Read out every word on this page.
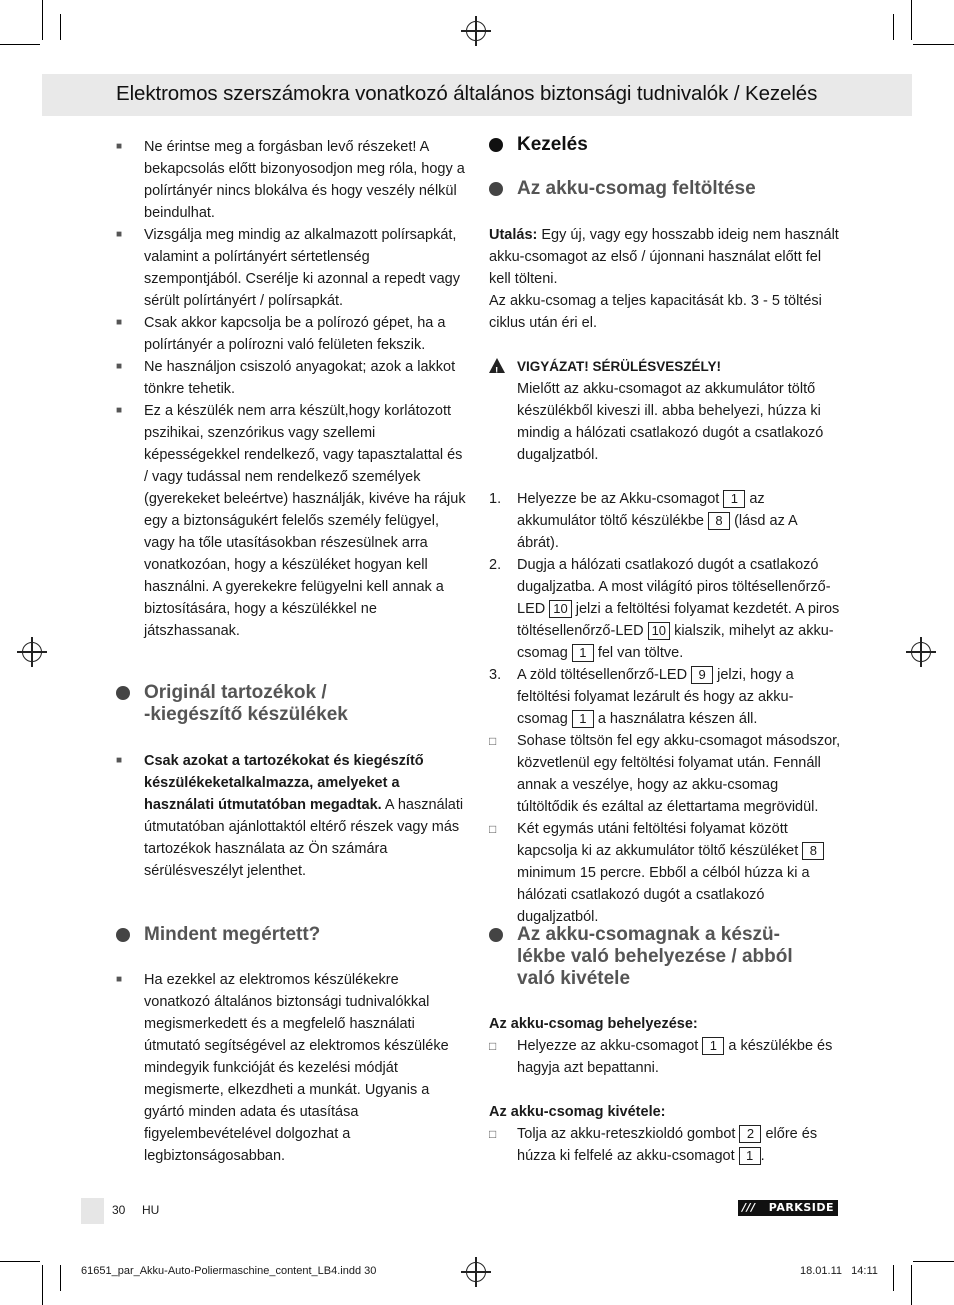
Elektromos szerszámokra vonatkozó általános biztonsági tudnivalók / Kezelés

■ Ne érintse meg a forgásban levő részeket! A bekapcsolás előtt bizonyosodjon meg róla, hogy a polírtányér nincs blokálva és hogy veszély nélkül beindulhat.

■ Vizsgálja meg mindig az alkalmazott polírsapkát, valamint a polírtányért sértetlenség szempontjából. Cserélje ki azonnal a repedt vagy sérült polírtányért / polírsapkát.

■ Csak akkor kapcsolja be a polírozó gépet, ha a polírtányér a polírozni való felületen fekszik.

■ Ne használjon csiszoló anyagokat; azok a lakkot tönkre tehetik.

■ Ez a készülék nem arra készült,hogy korlátozott pszihikai, szenzórikus vagy szellemi képességekkel rendelkező, vagy tapasztalattal és / vagy tudással nem rendelkező személyek (gyerekeket beleértve) használják, kivéve ha rájuk egy a biztonságukért felelős személy felügyel, vagy ha tőle utasításokban részesülnek arra vonatkozóan, hogy a készüléket hogyan kell használni. A gyerekekre felügyelni kell annak a biztosítására, hogy a készülékkel ne játszhassanak.

Originál tartozékok /
-kiegészítő készülékek

■ Csak azokat a tartozékokat és kiegészítő készülékeketalkalmazza, amelyeket a használati útmutatóban megadtak. A használati útmutatóban ajánlottaktól eltérő részek vagy más tartozékok használata az Ön számára sérülésveszélyt jelenthet.

Mindent megértett?

■ Ha ezekkel az elektromos készülékekre vonatkozó általános biztonsági tudnivalókkal megismerkedett és a megfelelő használati útmutató segítségével az elektromos készüléke mindegyik funkcióját és kezelési módját megismerte, elkezdheti a munkát. Ugyanis a gyártó minden adata és utasítása figyelembevételével dolgozhat a legbiztonságosabban.

Kezelés
Az akku-csomag feltöltése
Utalás: Egy új, vagy egy hosszabb ideig nem használt akku-csomagot az első / újonnani használat előtt fel kell tölteni.
Az akku-csomag a teljes kapacitását kb. 3 - 5 töltési ciklus után éri el.
!
VIGYÁZAT! SÉRÜLÉSVESZÉLY!
Mielőtt az akku-csomagot az akkumulátor töltő készülékből kiveszi ill. abba behelyezi, húzza ki mindig a hálózati csatlakozó dugót a csatlakozó dugaljzatból.

1. Helyezze be az Akku-csomagot 1 az akkumulátor töltő készülékbe 8 (lásd az A ábrát).

2. Dugja a hálózati csatlakozó dugót a csatlakozó dugaljzatba. A most világító piros töltésellenőrző-LED 10 jelzi a feltöltési folyamat kezdetét. A piros töltésellenőrző-LED 10 kialszik, mihelyt az akku-csomag 1 fel van töltve.

3. A zöld töltésellenőrző-LED 9 jelzi, hogy a feltöltési folyamat lezárult és hogy az akku-csomag 1 a használatra készen áll.

□ Sohase töltsön fel egy akku-csomagot másodszor, közvetlenül egy feltöltési folyamat után. Fennáll annak a veszélye, hogy az akku-csomag túltöltődik és ezáltal az élettartama megrövidül.

□ Két egymás utáni feltöltési folyamat között kapcsolja ki az akkumulátor töltő készüléket 8 minimum 15 percre. Ebből a célból húzza ki a hálózati csatlakozó dugót a csatlakozó dugaljzatból.

Az akku-csomagnak a készü-
lékbe való behelyezése / abból
való kivétele
Az akku-csomag behelyezése:

□ Helyezze az akku-csomagot 1 a készülékbe és hagyja azt bepattanni.

Az akku-csomag kivétele:

□ Tolja az akku-reteszkioldó gombot 2 előre és húzza ki felfelé az akku-csomagot 1 .

30 HU	/// PARKSIDE
61651_par_Akku-Auto-Poliermaschine_content_LB4.indd 30	18.01.11   14:11
